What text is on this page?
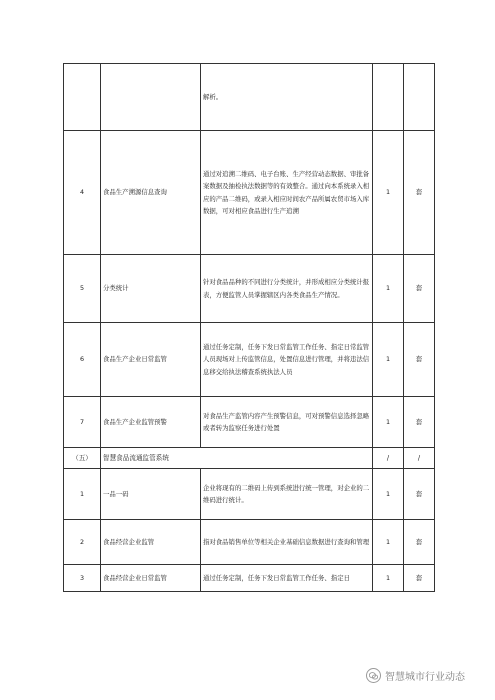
		解析。		
4	食品生产溯源信息查询	通过对追溯二维码、电子台账、生产经营动态数据、审批备案数据及抽检执法数据等的有效整合。通过向本系统录入相应的产品二维码，或录入相应时间农产品所属农贸市场入库数据，可对相应食品进行生产追溯	1	套
5	分类统计	针对食品品种的不同进行分类统计，并形成相应分类统计报表，方便监管人员掌握辖区内各类食品生产情况。	1	套
6	食品生产企业日常监管	通过任务定制，任务下发日常监管工作任务、指定日常监管人员现场对上传监管信息，处置信息进行管理，并将违法信息移交给执法稽查系统执法人员	1	套
7	食品生产企业监管预警	对食品生产监管内容产生预警信息，可对预警信息选择忽略或者转为监察任务进行处置	1	套
（五）	智慧食品流通监管系统		/	/
1	一品一码	企业将现有的二维码上传到系统进行统一管理，对企业的二维码进行统计。	1	套
2	食品经营企业监管	指对食品销售单位等相关企业基础信息数据进行查询和管理	1	套
3	食品经营企业日常监管	通过任务定制，任务下发日常监管工作任务、指定日	1	套
智慧城市行业动态
